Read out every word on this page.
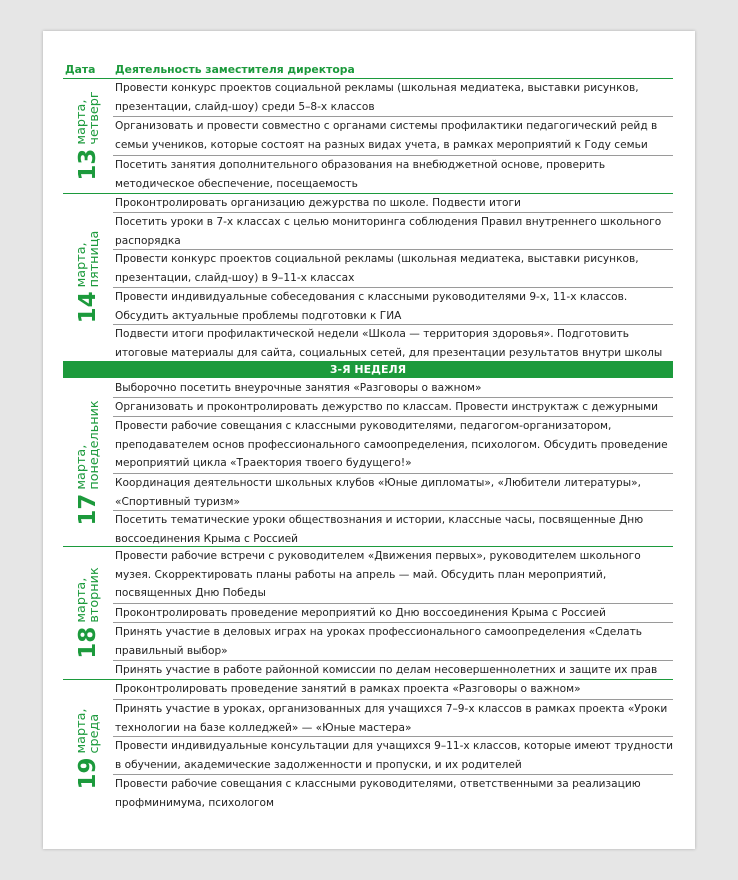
Дата Деятельность заместителя директора
13
марта,
четверг
Провести конкурс проектов социальной рекламы (школьная медиатека, выставки рисунков, презентации, слайд-шоу) среди 5–8-х классов
Организовать и провести совместно с органами системы профилактики педагогический рейд в семьи учеников, которые состоят на разных видах учета, в рамках мероприятий к Году семьи
Посетить занятия дополнительного образования на внебюджетной основе, проверить методическое обеспечение, посещаемость
14
марта,
пятница
Проконтролировать организацию дежурства по школе. Подвести итоги
Посетить уроки в 7-х классах с целью мониторинга соблюдения Правил внутреннего школьного распорядка
Провести конкурс проектов социальной рекламы (школьная медиатека, выставки рисунков, презентации, слайд-шоу) в 9–11-х классах
Провести индивидуальные собеседования с классными руководителями 9-х, 11-х классов. Обсудить актуальные проблемы подготовки к ГИА
Подвести итоги профилактической недели «Школа — территория здоровья». Подготовить итоговые материалы для сайта, социальных сетей, для презентации результатов внутри школы
3-Я НЕДЕЛЯ
17
марта,
понедельник
Выборочно посетить внеурочные занятия «Разговоры о важном»
Организовать и проконтролировать дежурство по классам. Провести инструктаж с дежурными
Провести рабочие совещания с классными руководителями, педагогом-организатором, преподавателем основ профессионального самоопределения, психологом. Обсудить проведение мероприятий цикла «Траектория твоего будущего!»
Координация деятельности школьных клубов «Юные дипломаты», «Любители литературы», «Спортивный туризм»
Посетить тематические уроки обществознания и истории, классные часы, посвященные Дню воссоединения Крыма с Россией
18
марта,
вторник
Провести рабочие встречи с руководителем «Движения первых», руководителем школьного музея. Скорректировать планы работы на апрель — май. Обсудить план мероприятий, посвященных Дню Победы
Проконтролировать проведение мероприятий ко Дню воссоединения Крыма с Россией
Принять участие в деловых играх на уроках профессионального самоопределения «Сделать правильный выбор»
Принять участие в работе районной комиссии по делам несовершеннолетних и защите их прав
19
марта,
среда
Проконтролировать проведение занятий в рамках проекта «Разговоры о важном»
Принять участие в уроках, организованных для учащихся 7–9-х классов в рамках проекта «Уроки технологии на базе колледжей» — «Юные мастера»
Провести индивидуальные консультации для учащихся 9–11-х классов, которые имеют трудности в обучении, академические задолженности и пропуски, и их родителей
Провести рабочие совещания с классными руководителями, ответственными за реализацию профминимума, психологом
